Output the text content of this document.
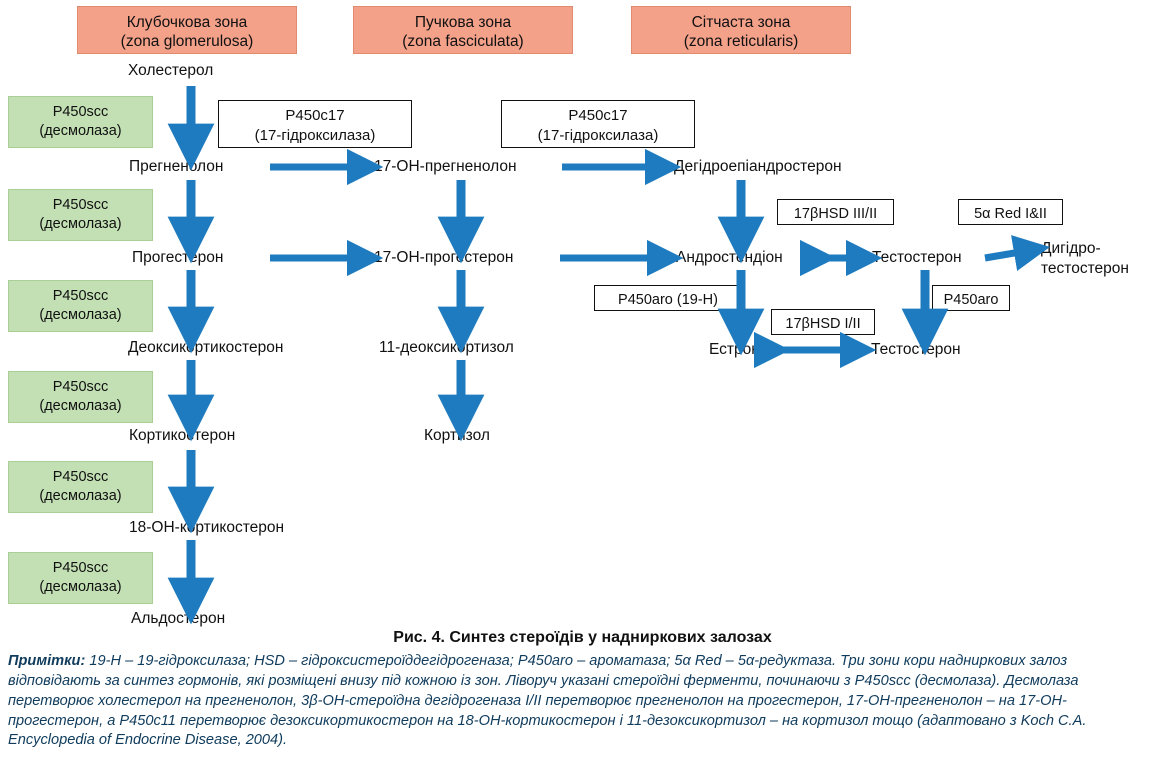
Клубочкова зона
(zona glomerulosa)
Пучкова зона
(zona fasciculata)
Сітчаста зона
(zona reticularis)
P450scc
(десмолаза)
P450scc
(десмолаза)
P450scc
(десмолаза)
P450scc
(десмолаза)
P450scc
(десмолаза)
P450scc
(десмолаза)
P450c17
(17-гідроксилаза)
P450c17
(17-гідроксилаза)
17βHSD III/II	5α Red I&II
P450aro (19-H)
17βHSD I/II
P450aro
Холестерол
Прегненолон	17-ОН-прегненолон	Дегідроепіандростерон
Прогестерон	17-ОН-прогестерон	Андростендіон	Тестостерон
Дигідро-
тестостерон
Деоксикортикостерон	11-деоксикортизол	Естрон	Тестостерон
Кортикостерон	Кортизол
18-ОН-кортикостерон
Альдостерон
Рис. 4. Синтез стероїдів у надниркових залозах
Примітки: 19-Н – 19-гідроксилаза; HSD – гідроксистероїддегідрогеназа; Р450aro – ароматаза; 5α Red – 5α-редуктаза. Три зони кори надниркових залоз відповідають за синтез гормонів, які розміщені внизу під кожною із зон. Ліворуч указані стероїдні ферменти, починаючи з Р450scc (десмолаза). Десмолаза перетворює холестерол на прегненолон, 3β-ОН-стероїдна дегідрогеназа I/II перетворює прегненолон на прогестерон, 17-ОН-прегненолон – на 17-ОН-прогестерон, а Р450с11 перетворює дезоксикортикостерон на 18-ОН-кортикостерон і 11-дезоксикортизол – на кортизол тощо (адаптовано з Koch C.A. Encyclopedia of Endocrine Disease, 2004).
